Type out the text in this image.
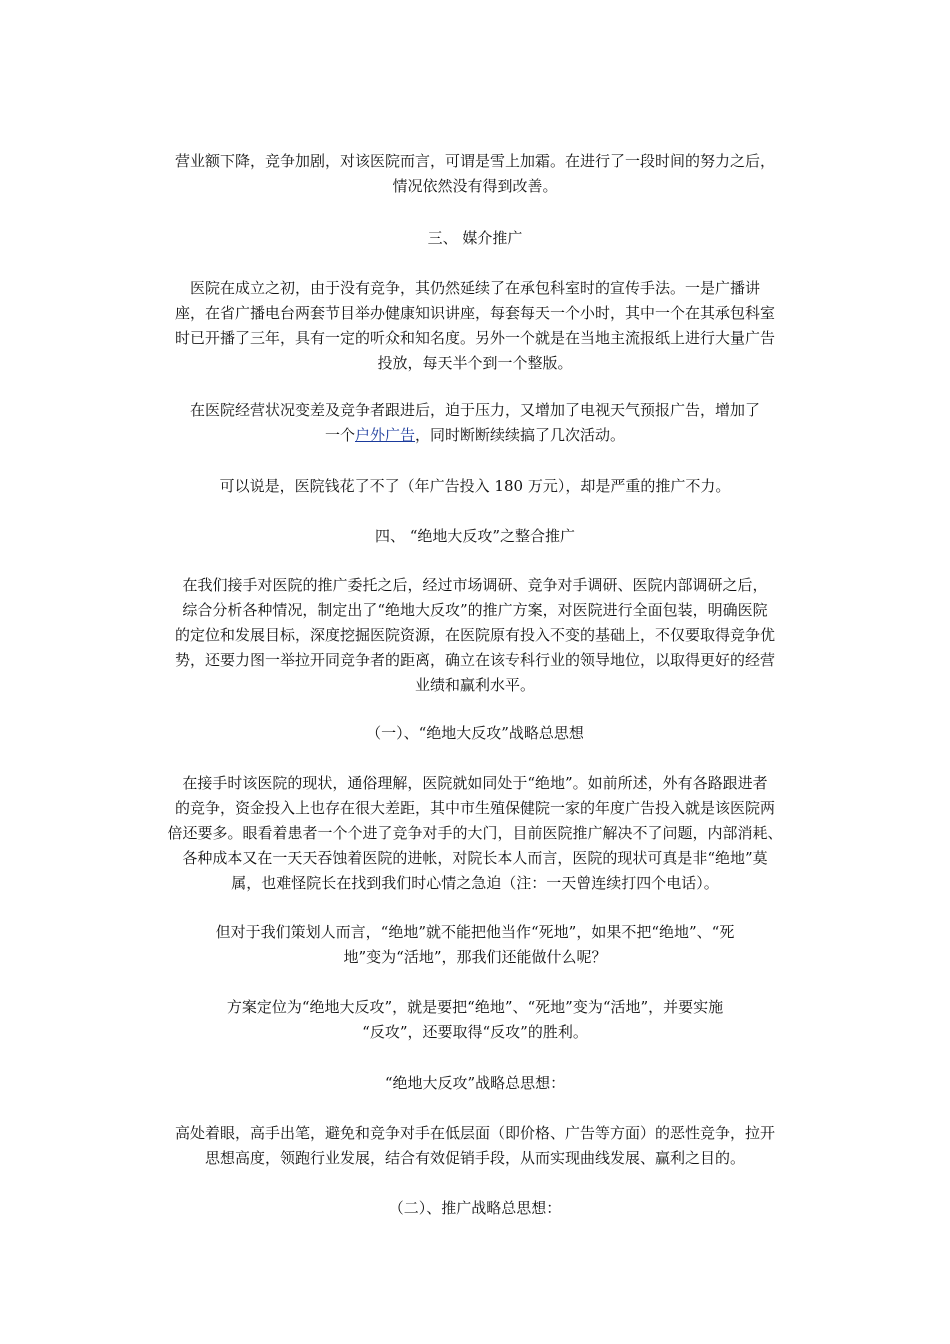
营业额下降，竞争加剧，对该医院而言，可谓是雪上加霜。在进行了一段时间的努力之后，
情况依然没有得到改善。
三、 媒介推广
医院在成立之初，由于没有竞争，其仍然延续了在承包科室时的宣传手法。一是广播讲
座，在省广播电台两套节目举办健康知识讲座，每套每天一个小时，其中一个在其承包科室
时已开播了三年，具有一定的听众和知名度。另外一个就是在当地主流报纸上进行大量广告
投放，每天半个到一个整版。
在医院经营状况变差及竞争者跟进后，迫于压力，又增加了电视天气预报广告，增加了
一个户外广告，同时断断续续搞了几次活动。
可以说是，医院钱花了不了（年广告投入 180 万元），却是严重的推广不力。
四、 “绝地大反攻”之整合推广
在我们接手对医院的推广委托之后，经过市场调研、竞争对手调研、医院内部调研之后，
综合分析各种情况，制定出了“绝地大反攻”的推广方案，对医院进行全面包装，明确医院
的定位和发展目标，深度挖掘医院资源，在医院原有投入不变的基础上，不仅要取得竞争优
势，还要力图一举拉开同竞争者的距离，确立在该专科行业的领导地位，以取得更好的经营
业绩和赢利水平。
（一）、“绝地大反攻”战略总思想
在接手时该医院的现状，通俗理解，医院就如同处于“绝地”。如前所述，外有各路跟进者
的竞争，资金投入上也存在很大差距，其中市生殖保健院一家的年度广告投入就是该医院两
倍还要多。眼看着患者一个个进了竞争对手的大门，目前医院推广解决不了问题，内部消耗、
各种成本又在一天天吞蚀着医院的进帐，对院长本人而言，医院的现状可真是非“绝地”莫
属，也难怪院长在找到我们时心情之急迫（注：一天曾连续打四个电话）。
但对于我们策划人而言，“绝地”就不能把他当作“死地”，如果不把“绝地”、“死
地”变为“活地”，那我们还能做什么呢？
方案定位为“绝地大反攻”，就是要把“绝地”、“死地”变为“活地”，并要实施
“反攻”，还要取得“反攻”的胜利。
“绝地大反攻”战略总思想：
高处着眼，高手出笔，避免和竞争对手在低层面（即价格、广告等方面）的恶性竞争，拉开
思想高度，领跑行业发展，结合有效促销手段，从而实现曲线发展、赢利之目的。
（二）、推广战略总思想：
